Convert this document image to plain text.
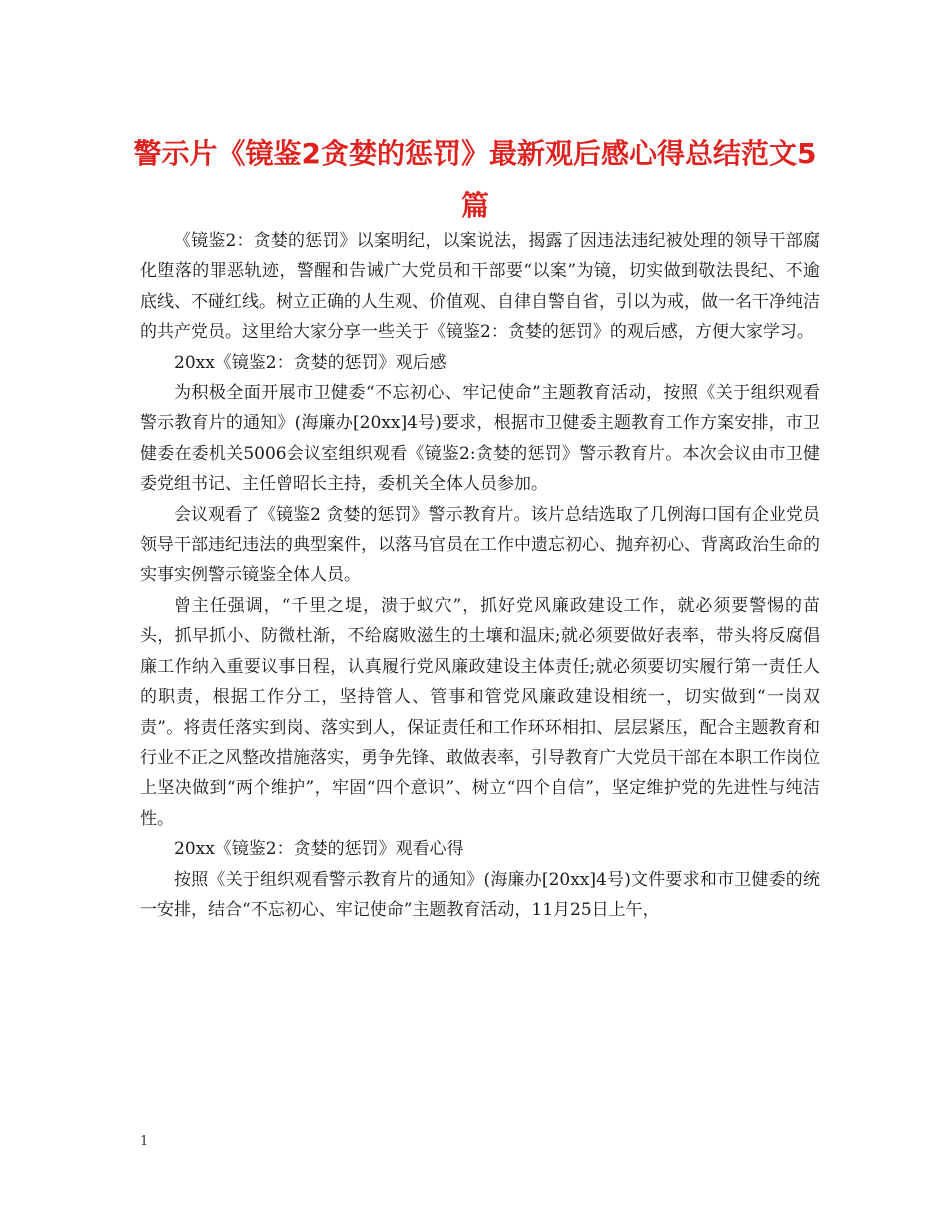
警示片《镜鉴2贪婪的惩罚》最新观后感心得总结范文5篇

《镜鉴2：贪婪的惩罚》以案明纪，以案说法，揭露了因违法违纪被处理的领导干部腐化堕落的罪恶轨迹，警醒和告诫广大党员和干部要“以案”为镜，切实做到敬法畏纪、不逾底线、不碰红线。树立正确的人生观、价值观、自律自警自省，引以为戒，做一名干净纯洁的共产党员。这里给大家分享一些关于《镜鉴2：贪婪的惩罚》的观后感，方便大家学习。

20xx《镜鉴2：贪婪的惩罚》观后感

为积极全面开展市卫健委“不忘初心、牢记使命”主题教育活动，按照《关于组织观看警示教育片的通知》(海廉办[20xx]4号)要求，根据市卫健委主题教育工作方案安排，市卫健委在委机关5006会议室组织观看《镜鉴2:贪婪的惩罚》警示教育片。本次会议由市卫健委党组书记、主任曾昭长主持，委机关全体人员参加。

会议观看了《镜鉴2 贪婪的惩罚》警示教育片。该片总结选取了几例海口国有企业党员领导干部违纪违法的典型案件，以落马官员在工作中遗忘初心、抛弃初心、背离政治生命的实事实例警示镜鉴全体人员。

曾主任强调，“千里之堤，溃于蚁穴”，抓好党风廉政建设工作，就必须要警惕的苗头，抓早抓小、防微杜渐，不给腐败滋生的土壤和温床;就必须要做好表率，带头将反腐倡廉工作纳入重要议事日程，认真履行党风廉政建设主体责任;就必须要切实履行第一责任人的职责，根据工作分工，坚持管人、管事和管党风廉政建设相统一，切实做到“一岗双责”。将责任落实到岗、落实到人，保证责任和工作环环相扣、层层紧压，配合主题教育和行业不正之风整改措施落实，勇争先锋、敢做表率，引导教育广大党员干部在本职工作岗位上坚决做到“两个维护”，牢固“四个意识”、树立“四个自信”，坚定维护党的先进性与纯洁性。

20xx《镜鉴2：贪婪的惩罚》观看心得

按照《关于组织观看警示教育片的通知》(海廉办[20xx]4号)文件要求和市卫健委的统一安排，结合“不忘初心、牢记使命”主题教育活动，11月25日上午，

1
